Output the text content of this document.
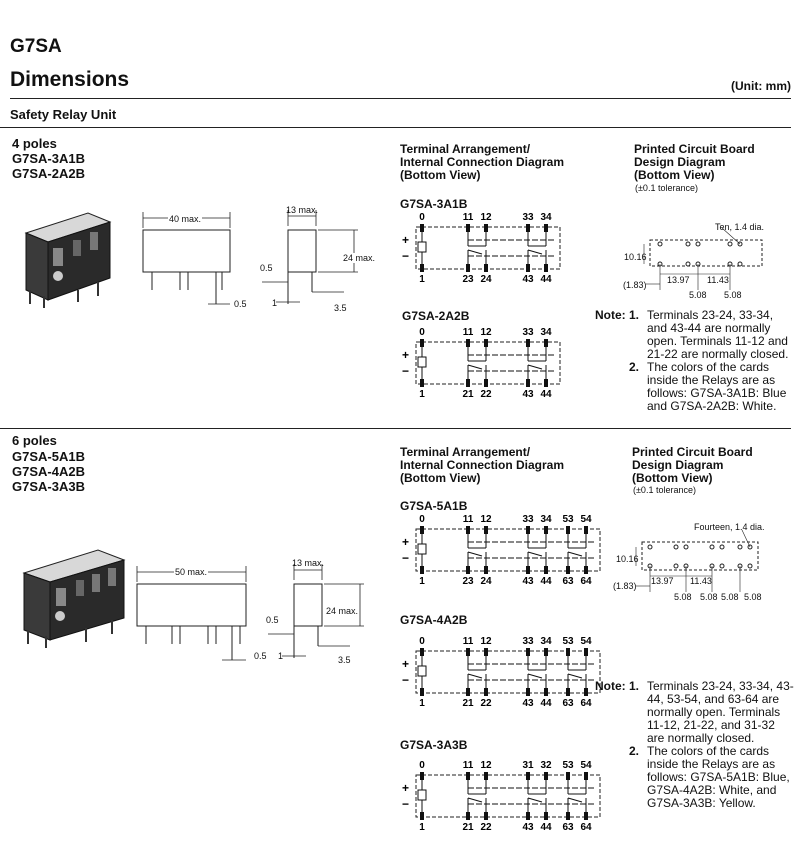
G7SA
Dimensions	(Unit: mm)
Safety Relay Unit
4 poles
G7SA-3A1B
G7SA-2A2B
40 max.
0.5
13 max.
24 max.
0.5
1	3.5
Terminal Arrangement/
Internal Connection Diagram
(Bottom View)
G7SA-3A1B
0	11 12	33 34
1	23 24	43 44
+
−
G7SA-2A2B
0	11 12	33 34
1	21 22	43 44
+
−
Printed Circuit Board
Design Diagram
(Bottom View)
(±0.1 tolerance)
Ten, 1.4 dia.
10.16
(1.83) 13.97 11.43
5.08 5.08
Note: 1. Terminals 23-24, 33-34, and 43-44 are normally open. Terminals 11-12 and 21-22 are normally closed.
2. The colors of the cards inside the Relays are as follows: G7SA-3A1B: Blue and G7SA-2A2B: White.
6 poles
G7SA-5A1B
G7SA-4A2B
G7SA-3A3B
50 max.
0.5
13 max.
24 max.
0.5
1	3.5
Terminal Arrangement/
Internal Connection Diagram
(Bottom View)
G7SA-5A1B
0	11 12	33 34 53 54
1	23 24	43 44 63 64
+
−
G7SA-4A2B
0	11 12	33 34 53 54
1	21 22	43 44 63 64
+
−
G7SA-3A3B
0	11 12	31 32 53 54
1	21 22	43 44 63 64
+
−
Printed Circuit Board
Design Diagram
(Bottom View)
(±0.1 tolerance)
Fourteen, 1.4 dia.
10.16
(1.83) 13.97 11.43
5.08 5.08 5.08 5.08
Note: 1. Terminals 23-24, 33-34, 43-44, 53-54, and 63-64 are normally open. Terminals 11-12, 21-22, and 31-32 are normally closed.
2. The colors of the cards inside the Relays are as follows: G7SA-5A1B: Blue, G7SA-4A2B: White, and G7SA-3A3B: Yellow.
